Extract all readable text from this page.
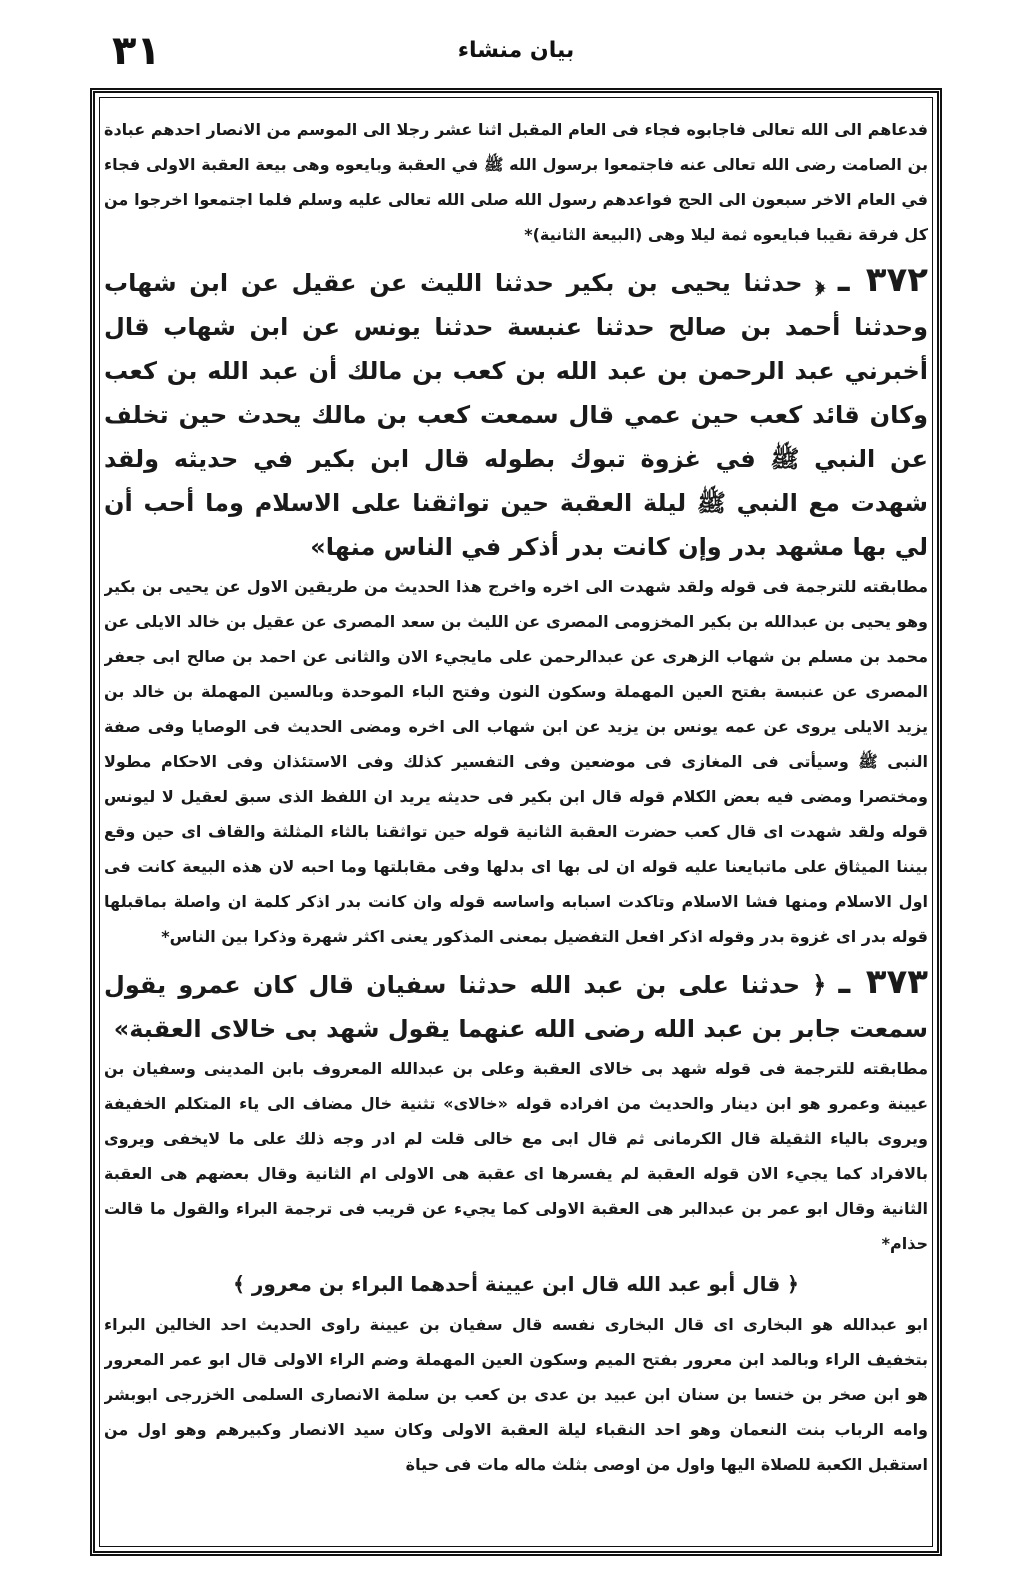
٣١	بيان منشاء

فدعاهم الى الله تعالى فاجابوه فجاء فى العام المقبل اثنا عشر رجلا الى الموسم من الانصار احدهم عبادة بن الصامت رضى الله تعالى عنه فاجتمعوا برسول الله ﷺ في العقبة وبايعوه وهى بيعة العقبة الاولى فجاء في العام الاخر سبعون الى الحج فواعدهم رسول الله صلى الله تعالى عليه وسلم فلما اجتمعوا اخرجوا من كل فرقة نقيبا فبايعوه ثمة ليلا وهى (البيعة الثانية)*

٣٧٢ ـ ﴿ حدثنا يحيى بن بكير حدثنا الليث عن عقيل عن ابن شهاب وحدثنا أحمد بن صالح حدثنا عنبسة حدثنا يونس عن ابن شهاب قال أخبرني عبد الرحمن بن عبد الله بن كعب بن مالك أن عبد الله بن كعب وكان قائد كعب حين عمي قال سمعت كعب بن مالك يحدث حين تخلف عن النبي ﷺ في غزوة تبوك بطوله قال ابن بكير في حديثه ولقد شهدت مع النبي ﷺ ليلة العقبة حين تواثقنا على الاسلام وما أحب أن لي بها مشهد بدر وإن كانت بدر أذكر في الناس منها»

مطابقته للترجمة فى قوله ولقد شهدت الى اخره واخرج هذا الحديث من طريقين الاول عن يحيى بن بكير وهو يحيى بن عبدالله بن بكير المخزومى المصرى عن الليث بن سعد المصرى عن عقيل بن خالد الايلى عن محمد بن مسلم بن شهاب الزهرى عن عبدالرحمن على مايجيء الان والثانى عن احمد بن صالح ابى جعفر المصرى عن عنبسة بفتح العين المهملة وسكون النون وفتح الباء الموحدة وبالسين المهملة بن خالد بن يزيد الايلى يروى عن عمه يونس بن يزيد عن ابن شهاب الى اخره ومضى الحديث فى الوصايا وفى صفة النبى ﷺ وسيأتى فى المغازى فى موضعين وفى التفسير كذلك وفى الاستئذان وفى الاحكام مطولا ومختصرا ومضى فيه بعض الكلام قوله قال ابن بكير فى حديثه يريد ان اللفظ الذى سبق لعقيل لا ليونس قوله ولقد شهدت اى قال كعب حضرت العقبة الثانية قوله حين تواثقنا بالثاء المثلثة والقاف اى حين وقع بيننا الميثاق على ماتبايعنا عليه قوله ان لى بها اى بدلها وفى مقابلتها وما احبه لان هذه البيعة كانت فى اول الاسلام ومنها فشا الاسلام وتاكدت اسبابه واساسه قوله وان كانت بدر اذكر كلمة ان واصلة بماقبلها قوله بدر اى غزوة بدر وقوله اذكر افعل التفضيل بمعنى المذكور يعنى اكثر شهرة وذكرا بين الناس*

٣٧٣ ـ ﴿ حدثنا على بن عبد الله حدثنا سفيان قال كان عمرو يقول سمعت جابر بن عبد الله رضى الله عنهما يقول شهد بى خالاى العقبة»

مطابقته للترجمة فى قوله شهد بى خالاى العقبة وعلى بن عبدالله المعروف بابن المدينى وسفيان بن عيينة وعمرو هو ابن دينار والحديث من افراده قوله «خالاى» تثنية خال مضاف الى ياء المتكلم الخفيفة ويروى بالياء الثقيلة قال الكرمانى ثم قال ابى مع خالى قلت لم ادر وجه ذلك على ما لايخفى ويروى بالافراد كما يجيء الان قوله العقبة لم يفسرها اى عقبة هى الاولى ام الثانية وقال بعضهم هى العقبة الثانية وقال ابو عمر بن عبدالبر هى العقبة الاولى كما يجيء عن قريب فى ترجمة البراء والقول ما قالت حذام*

﴿ قال أبو عبد الله قال ابن عيينة أحدهما البراء بن معرور ﴾

ابو عبدالله هو البخارى اى قال البخارى نفسه قال سفيان بن عيينة راوى الحديث احد الخالين البراء بتخفيف الراء وبالمد ابن معرور بفتح الميم وسكون العين المهملة وضم الراء الاولى قال ابو عمر المعرور هو ابن صخر بن خنسا بن سنان ابن عبيد بن عدى بن كعب بن سلمة الانصارى السلمى الخزرجى ابوبشر وامه الرباب بنت النعمان وهو احد النقباء ليلة العقبة الاولى وكان سيد الانصار وكبيرهم وهو اول من استقبل الكعبة للصلاة اليها واول من اوصى بثلث ماله مات فى حياة
